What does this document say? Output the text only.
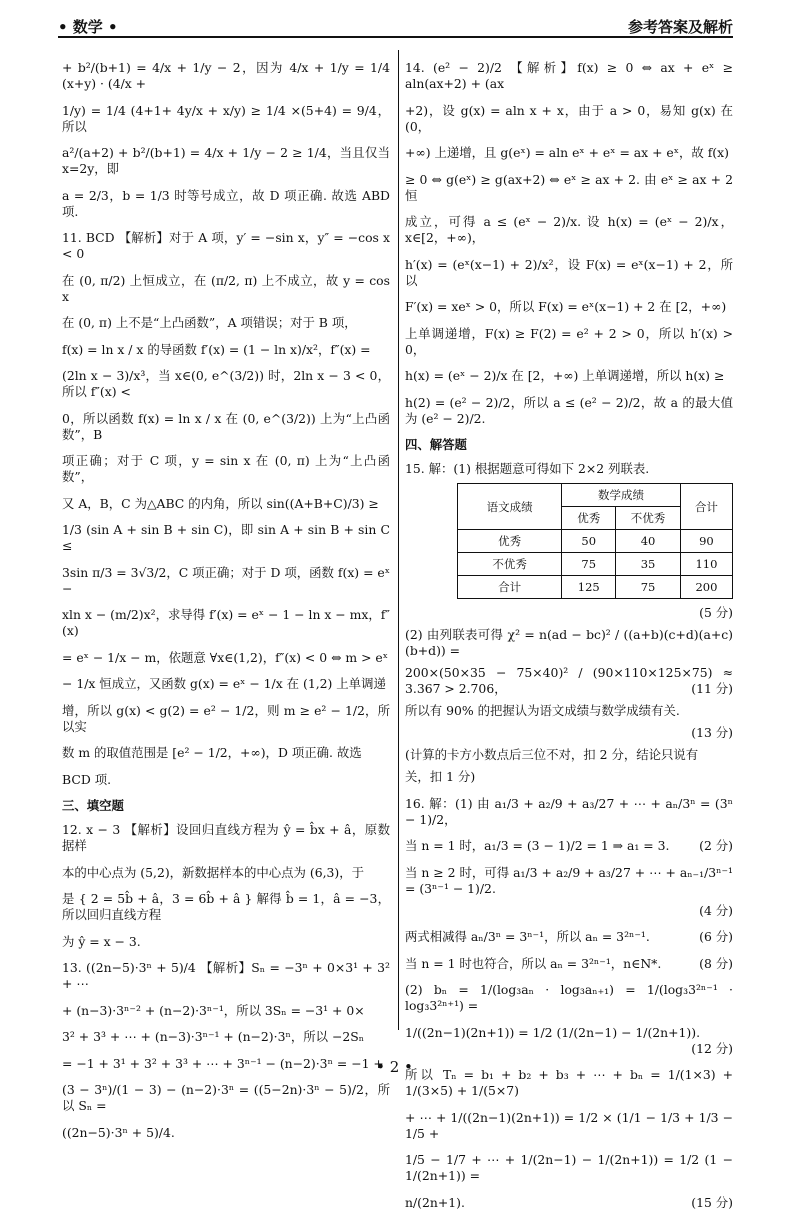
• 数学 •	参考答案及解析

+ b²/(b+1) = 4/x + 1/y − 2，因为 4/x + 1/y = 1/4 (x+y) · (4/x +

1/y) = 1/4 (4+1+ 4y/x + x/y) ≥ 1/4 ×(5+4) = 9/4，所以

a²/(a+2) + b²/(b+1) = 4/x + 1/y − 2 ≥ 1/4，当且仅当 x=2y，即

a = 2/3，b = 1/3 时等号成立，故 D 项正确. 故选 ABD 项.

11. BCD 【解析】对于 A 项，y′ = −sin x，y″ = −cos x < 0

在 (0, π/2) 上恒成立，在 (π/2, π) 上不成立，故 y = cos x

在 (0, π) 上不是“上凸函数”，A 项错误；对于 B 项，

f(x) = ln x / x 的导函数 f′(x) = (1 − ln x)/x²，f″(x) =

(2ln x − 3)/x³，当 x∈(0, e^(3/2)) 时，2ln x − 3 < 0，所以 f″(x) <

0，所以函数 f(x) = ln x / x 在 (0, e^(3/2)) 上为“上凸函数”，B

项正确；对于 C 项，y = sin x 在 (0, π) 上为“上凸函数”，

又 A，B，C 为△ABC 的内角，所以 sin((A+B+C)/3) ≥

1/3 (sin A + sin B + sin C)，即 sin A + sin B + sin C ≤

3sin π/3 = 3√3/2，C 项正确；对于 D 项，函数 f(x) = eˣ −

xln x − (m/2)x²，求导得 f′(x) = eˣ − 1 − ln x − mx，f″(x)

= eˣ − 1/x − m，依题意 ∀x∈(1,2)，f″(x) < 0 ⇔ m > eˣ

− 1/x 恒成立，又函数 g(x) = eˣ − 1/x 在 (1,2) 上单调递

增，所以 g(x) < g(2) = e² − 1/2，则 m ≥ e² − 1/2，所以实

数 m 的取值范围是 [e² − 1/2，+∞)，D 项正确. 故选

BCD 项.

三、填空题

12. x − 3 【解析】设回归直线方程为 ŷ = b̂x + â，原数据样

本的中心点为 (5,2)，新数据样本的中心点为 (6,3)，于

是 { 2 = 5b̂ + â，3 = 6b̂ + â } 解得 b̂ = 1，â = −3，所以回归直线方程

为 ŷ = x − 3.

13. ((2n−5)·3ⁿ + 5)/4 【解析】Sₙ = −3ⁿ + 0×3¹ + 3² + ⋯

+ (n−3)·3ⁿ⁻² + (n−2)·3ⁿ⁻¹，所以 3Sₙ = −3¹ + 0×

3² + 3³ + ⋯ + (n−3)·3ⁿ⁻¹ + (n−2)·3ⁿ，所以 −2Sₙ

= −1 + 3¹ + 3² + 3³ + ⋯ + 3ⁿ⁻¹ − (n−2)·3ⁿ = −1 +

(3 − 3ⁿ)/(1 − 3) − (n−2)·3ⁿ = ((5−2n)·3ⁿ − 5)/2，所以 Sₙ =

((2n−5)·3ⁿ + 5)/4.

14. (e² − 2)/2 【解析】f(x) ≥ 0 ⇔ ax + eˣ ≥ aln(ax+2) + (ax

+2)，设 g(x) = aln x + x，由于 a > 0，易知 g(x) 在 (0，

+∞) 上递增，且 g(eˣ) = aln eˣ + eˣ = ax + eˣ，故 f(x)

≥ 0 ⇔ g(eˣ) ≥ g(ax+2) ⇔ eˣ ≥ ax + 2. 由 eˣ ≥ ax + 2 恒

成立，可得 a ≤ (eˣ − 2)/x. 设 h(x) = (eˣ − 2)/x，x∈[2，+∞)，

h′(x) = (eˣ(x−1) + 2)/x²，设 F(x) = eˣ(x−1) + 2，所以

F′(x) = xeˣ > 0，所以 F(x) = eˣ(x−1) + 2 在 [2，+∞)

上单调递增，F(x) ≥ F(2) = e² + 2 > 0，所以 h′(x) > 0，

h(x) = (eˣ − 2)/x 在 [2，+∞) 上单调递增，所以 h(x) ≥

h(2) = (e² − 2)/2，所以 a ≤ (e² − 2)/2，故 a 的最大值为 (e² − 2)/2.

四、解答题

15. 解：(1) 根据题意可得如下 2×2 列联表.

语文成绩	数学成绩		合计
	优秀	不优秀	
优秀	50	40	90
不优秀	75	35	110
合计	125	75	200

(5 分)

(2) 由列联表可得 χ² = n(ad − bc)² / ((a+b)(c+d)(a+c)(b+d)) =

200×(50×35 − 75×40)² / (90×110×125×75) ≈ 3.367 > 2.706，	(11 分)

所以有 90% 的把握认为语文成绩与数学成绩有关.

(13 分)

(计算的卡方小数点后三位不对，扣 2 分，结论只说有

关，扣 1 分)

16. 解：(1) 由 a₁/3 + a₂/9 + a₃/27 + ⋯ + aₙ/3ⁿ = (3ⁿ − 1)/2，

当 n = 1 时，a₁/3 = (3 − 1)/2 = 1 ⇒ a₁ = 3. (2 分)

当 n ≥ 2 时，可得 a₁/3 + a₂/9 + a₃/27 + ⋯ + aₙ₋₁/3ⁿ⁻¹ = (3ⁿ⁻¹ − 1)/2.

(4 分)

两式相减得 aₙ/3ⁿ = 3ⁿ⁻¹，所以 aₙ = 3²ⁿ⁻¹.	(6 分)

当 n = 1 时也符合，所以 aₙ = 3²ⁿ⁻¹，n∈N*.	(8 分)

(2) bₙ = 1/(log₃aₙ · log₃aₙ₊₁) = 1/(log₃3²ⁿ⁻¹ · log₃3²ⁿ⁺¹) =

1/((2n−1)(2n+1)) = 1/2 (1/(2n−1) − 1/(2n+1)).
(12 分)

所以 Tₙ = b₁ + b₂ + b₃ + ⋯ + bₙ = 1/(1×3) + 1/(3×5) + 1/(5×7)

+ ⋯ + 1/((2n−1)(2n+1)) = 1/2 × (1/1 − 1/3 + 1/3 − 1/5 +

1/5 − 1/7 + ⋯ + 1/(2n−1) − 1/(2n+1)) = 1/2 (1 − 1/(2n+1)) =

n/(2n+1).	(15 分)

• 2 •
